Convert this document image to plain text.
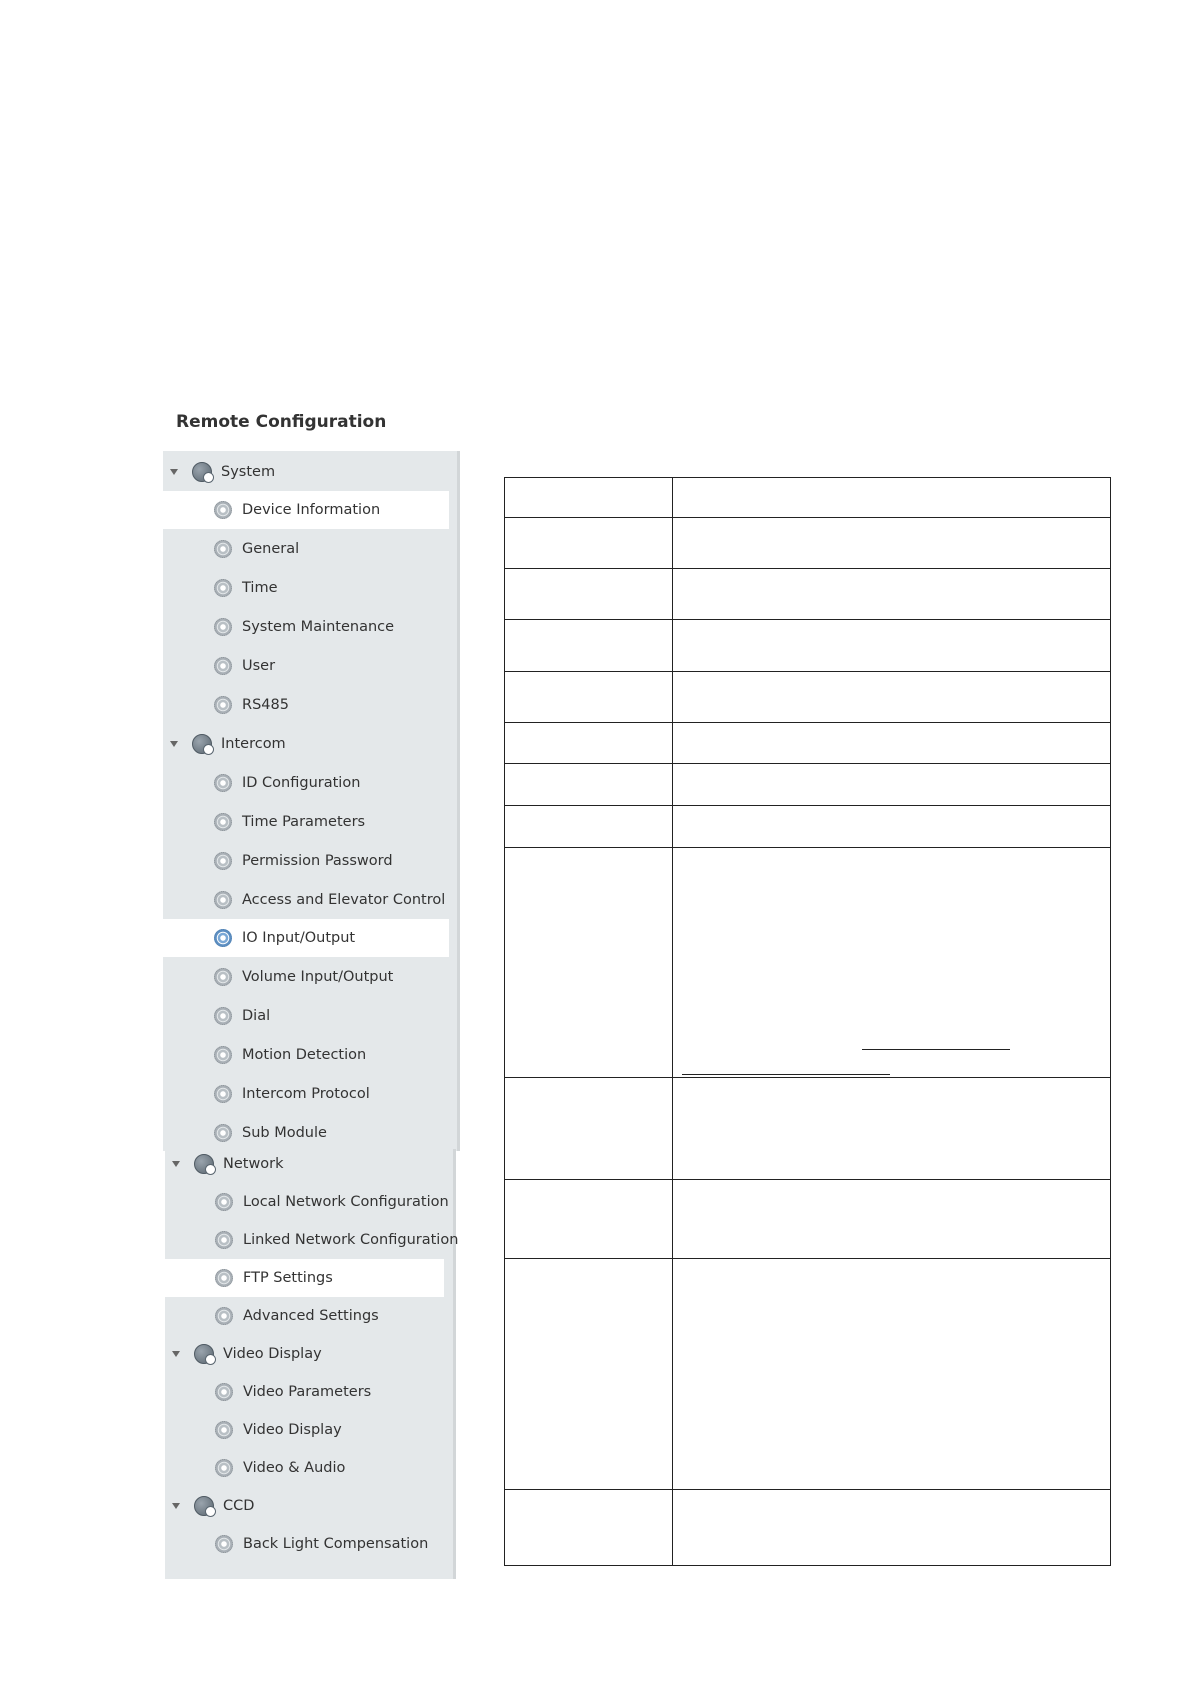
Remote Configuration
System
Device Information
General
Time
System Maintenance
User
RS485
Intercom
ID Configuration
Time Parameters
Permission Password
Access and Elevator Control
IO Input/Output
Volume Input/Output
Dial
Motion Detection
Intercom Protocol
Sub Module
Network
Local Network Configuration
Linked Network Configuration
FTP Settings
Advanced Settings
Video Display
Video Parameters
Video Display
Video & Audio
CCD
Back Light Compensation
